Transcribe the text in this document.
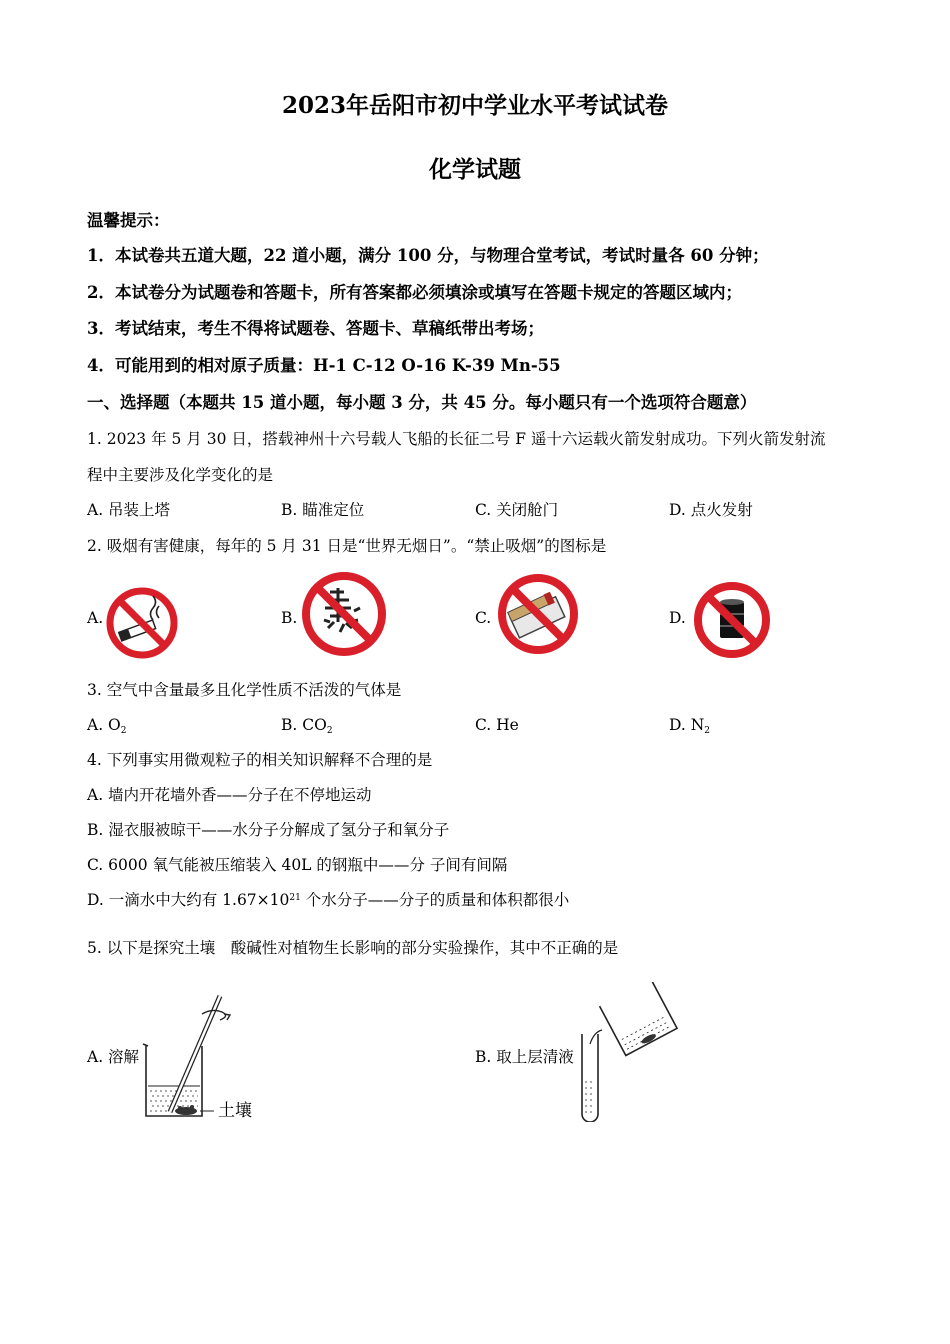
2023年岳阳市初中学业水平考试试卷
化学试题
温馨提示：
1．本试卷共五道大题，22 道小题，满分 100 分，与物理合堂考试，考试时量各 60 分钟；
2．本试卷分为试题卷和答题卡，所有答案都必须填涂或填写在答题卡规定的答题区域内；
3．考试结束，考生不得将试题卷、答题卡、草稿纸带出考场；
4．可能用到的相对原子质量：H-1 C-12 O-16 K-39 Mn-55
一、选择题（本题共 15 道小题，每小题 3 分，共 45 分。每小题只有一个选项符合题意）
1. 2023 年 5 月 30 日，搭载神州十六号载人飞船的长征二号 F 遥十六运载火箭发射成功。下列火箭发射流
程中主要涉及化学变化的是
A. 吊装上塔	B. 瞄准定位	C. 关闭舱门	D. 点火发射
2. 吸烟有害健康，每年的 5 月 31 日是“世界无烟日”。“禁止吸烟”的图标是
A.	B.	C.	D.
3. 空气中含量最多且化学性质不活泼的气体是
A. $O_2$	B. $CO_2$	C. He	D. $N_2$
4. 下列事实用微观粒子的相关知识解释不合理的是
A. 墙内开花墙外香——分子在不停地运动
B. 湿衣服被晾干——水分子分解成了氢分子和氧分子
C. 6000 氧气能被压缩装入 40L 的钢瓶中——分 子间有间隔
D. 一滴水中大约有 $1.67\times 10^{21}$ 个水分子——分子的质量和体积都很小
5. 以下是探究土壤　酸碱性对植物生长影响的部分实验操作，其中不正确的是
A. 溶解
土壤
B. 取上层清液
